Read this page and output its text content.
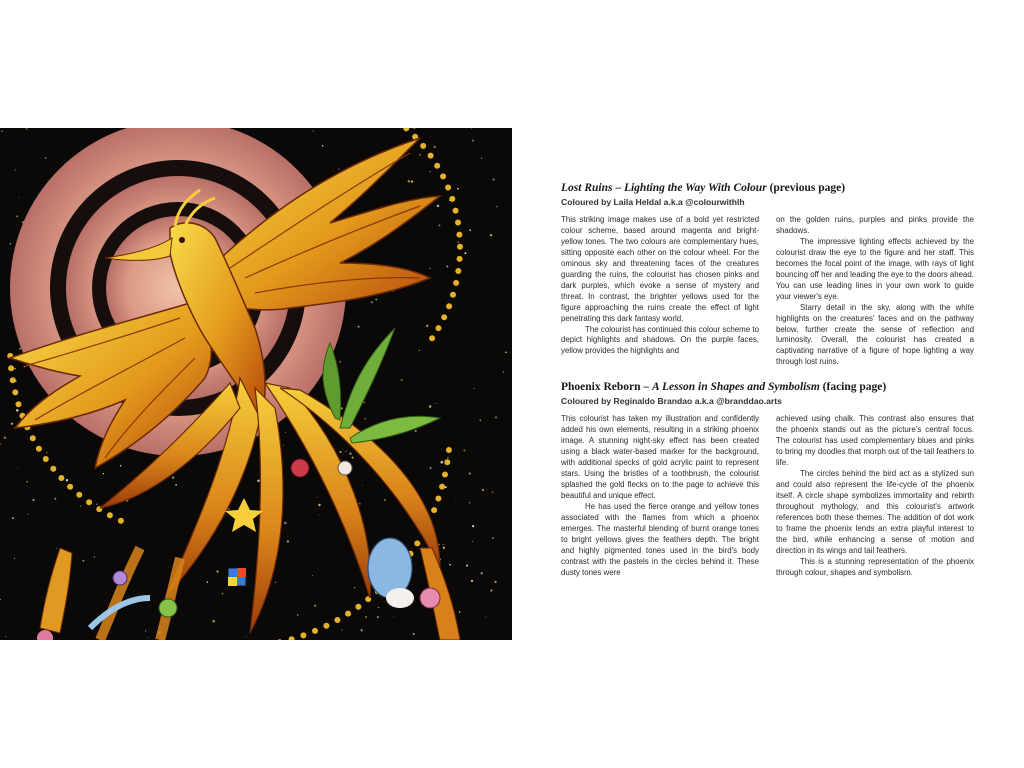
Lost Ruins – Lighting the Way With Colour (previous page)
Coloured by Laila Heldal a.k.a @colourwithlh

This striking image makes use of a bold yet restricted colour scheme, based around magenta and bright-yellow tones. The two colours are complementary hues, sitting opposite each other on the colour wheel. For the ominous sky and threatening faces of the creatures guarding the ruins, the colourist has chosen pinks and dark purples, which evoke a sense of mystery and threat. In contrast, the brighter yellows used for the figure approaching the ruins create the effect of light penetrating this dark fantasy world.

The colourist has continued this colour scheme to depict highlights and shadows. On the purple faces, yellow provides the highlights and

on the golden ruins, purples and pinks provide the shadows.

The impressive lighting effects achieved by the colourist draw the eye to the figure and her staff. This becomes the focal point of the image, with rays of light bouncing off her and leading the eye to the doors ahead. You can use leading lines in your own work to guide your viewer's eye.

Starry detail in the sky, along with the white highlights on the creatures' faces and on the pathway below, further create the sense of reflection and luminosity. Overall, the colourist has created a captivating narrative of a figure of hope lighting a way through lost ruins.

Phoenix Reborn – A Lesson in Shapes and Symbolism (facing page)
Coloured by Reginaldo Brandao a.k.a @branddao.arts

This colourist has taken my illustration and confidently added his own elements, resulting in a striking phoenix image. A stunning night-sky effect has been created using a black water-based marker for the background, with additional specks of gold acrylic paint to represent stars. Using the bristles of a toothbrush, the colourist splashed the gold flecks on to the page to achieve this beautiful and unique effect.

He has used the fierce orange and yellow tones associated with the flames from which a phoenix emerges. The masterful blending of burnt orange tones to bright yellows gives the feathers depth. The bright and highly pigmented tones used in the bird's body contrast with the pastels in the circles behind it. These dusty tones were

achieved using chalk. This contrast also ensures that the phoenix stands out as the picture's central focus. The colourist has used complementary blues and pinks to bring my doodles that morph out of the tail feathers to life.

The circles behind the bird act as a stylized sun and could also represent the life-cycle of the phoenix itself. A circle shape symbolizes immortality and rebirth throughout mythology, and this colourist's artwork references both these themes. The addition of dot work to frame the phoenix lends an extra playful interest to the bird, while enhancing a sense of motion and direction in its wings and tail feathers.

This is a stunning representation of the phoenix through colour, shapes and symbolism.
